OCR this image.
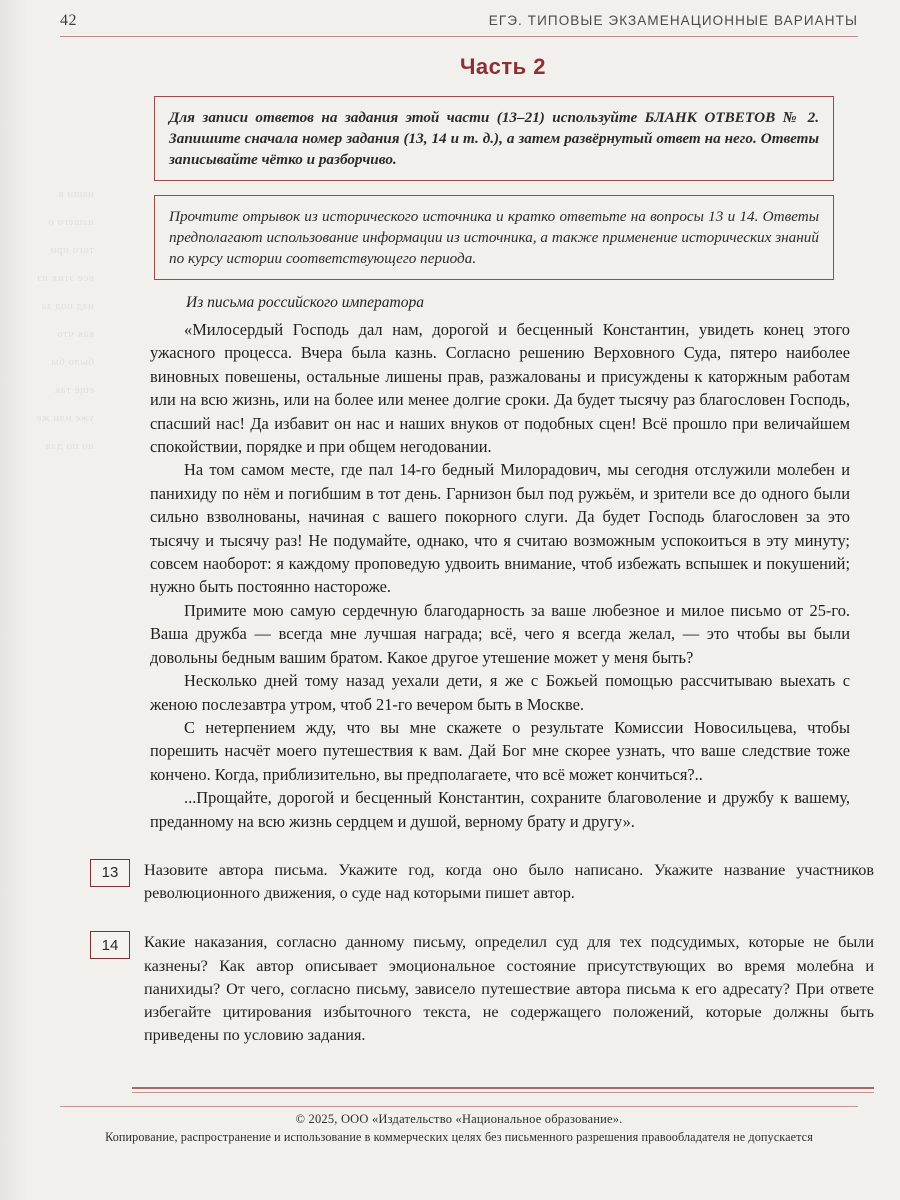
наши в нашего о того при все этих из над под за как что было бы ещё так уже или же но по для
42	ЕГЭ. ТИПОВЫЕ ЭКЗАМЕНАЦИОННЫЕ ВАРИАНТЫ
Часть 2

Для записи ответов на задания этой части (13–21) используйте БЛАНК ОТВЕТОВ № 2. Запишите сначала номер задания (13, 14 и т. д.), а затем развёрнутый ответ на него. Ответы записывайте чётко и разборчиво.

Прочтите отрывок из исторического источника и кратко ответьте на вопросы 13 и 14. Ответы предполагают использование информации из источника, а также применение исторических знаний по курсу истории соответствующего периода.

Из письма российского императора

«Милосердый Господь дал нам, дорогой и бесценный Константин, увидеть конец этого ужасного процесса. Вчера была казнь. Согласно решению Верховного Суда, пятеро наиболее виновных повешены, остальные лишены прав, разжалованы и присуждены к каторжным работам или на всю жизнь, или на более или менее долгие сроки. Да будет тысячу раз благословен Господь, спасший нас! Да избавит он нас и наших внуков от подобных сцен! Всё прошло при величайшем спокойствии, порядке и при общем негодовании.

На том самом месте, где пал 14-го бедный Милорадович, мы сегодня отслужили молебен и панихиду по нём и погибшим в тот день. Гарнизон был под ружьём, и зрители все до одного были сильно взволнованы, начиная с вашего покорного слуги. Да будет Господь благословен за это тысячу и тысячу раз! Не подумайте, однако, что я считаю возможным успокоиться в эту минуту; совсем наоборот: я каждому проповедую удвоить внимание, чтоб избежать вспышек и покушений; нужно быть постоянно настороже.

Примите мою самую сердечную благодарность за ваше любезное и милое письмо от 25-го. Ваша дружба — всегда мне лучшая награда; всё, чего я всегда желал, — это чтобы вы были довольны бедным вашим братом. Какое другое утешение может у меня быть?

Несколько дней тому назад уехали дети, я же с Божьей помощью рассчитываю выехать с женою послезавтра утром, чтоб 21-го вечером быть в Москве.

С нетерпением жду, что вы мне скажете о результате Комиссии Новосильцева, чтобы порешить насчёт моего путешествия к вам. Дай Бог мне скорее узнать, что ваше следствие тоже кончено. Когда, приблизительно, вы предполагаете, что всё может кончиться?..

...Прощайте, дорогой и бесценный Константин, сохраните благоволение и дружбу к вашему, преданному на всю жизнь сердцем и душой, верному брату и другу».

13	Назовите автора письма. Укажите год, когда оно было написано. Укажите название участников революционного движения, о суде над которыми пишет автор.
14	Какие наказания, согласно данному письму, определил суд для тех подсудимых, которые не были казнены? Как автор описывает эмоциональное состояние присутствующих во время молебна и панихиды? От чего, согласно письму, зависело путешествие автора письма к его адресату? При ответе избегайте цитирования избыточного текста, не содержащего положений, которые должны быть приведены по условию задания.
© 2025, ООО «Издательство «Национальное образование».
Копирование, распространение и использование в коммерческих целях без письменного разрешения правообладателя не допускается
